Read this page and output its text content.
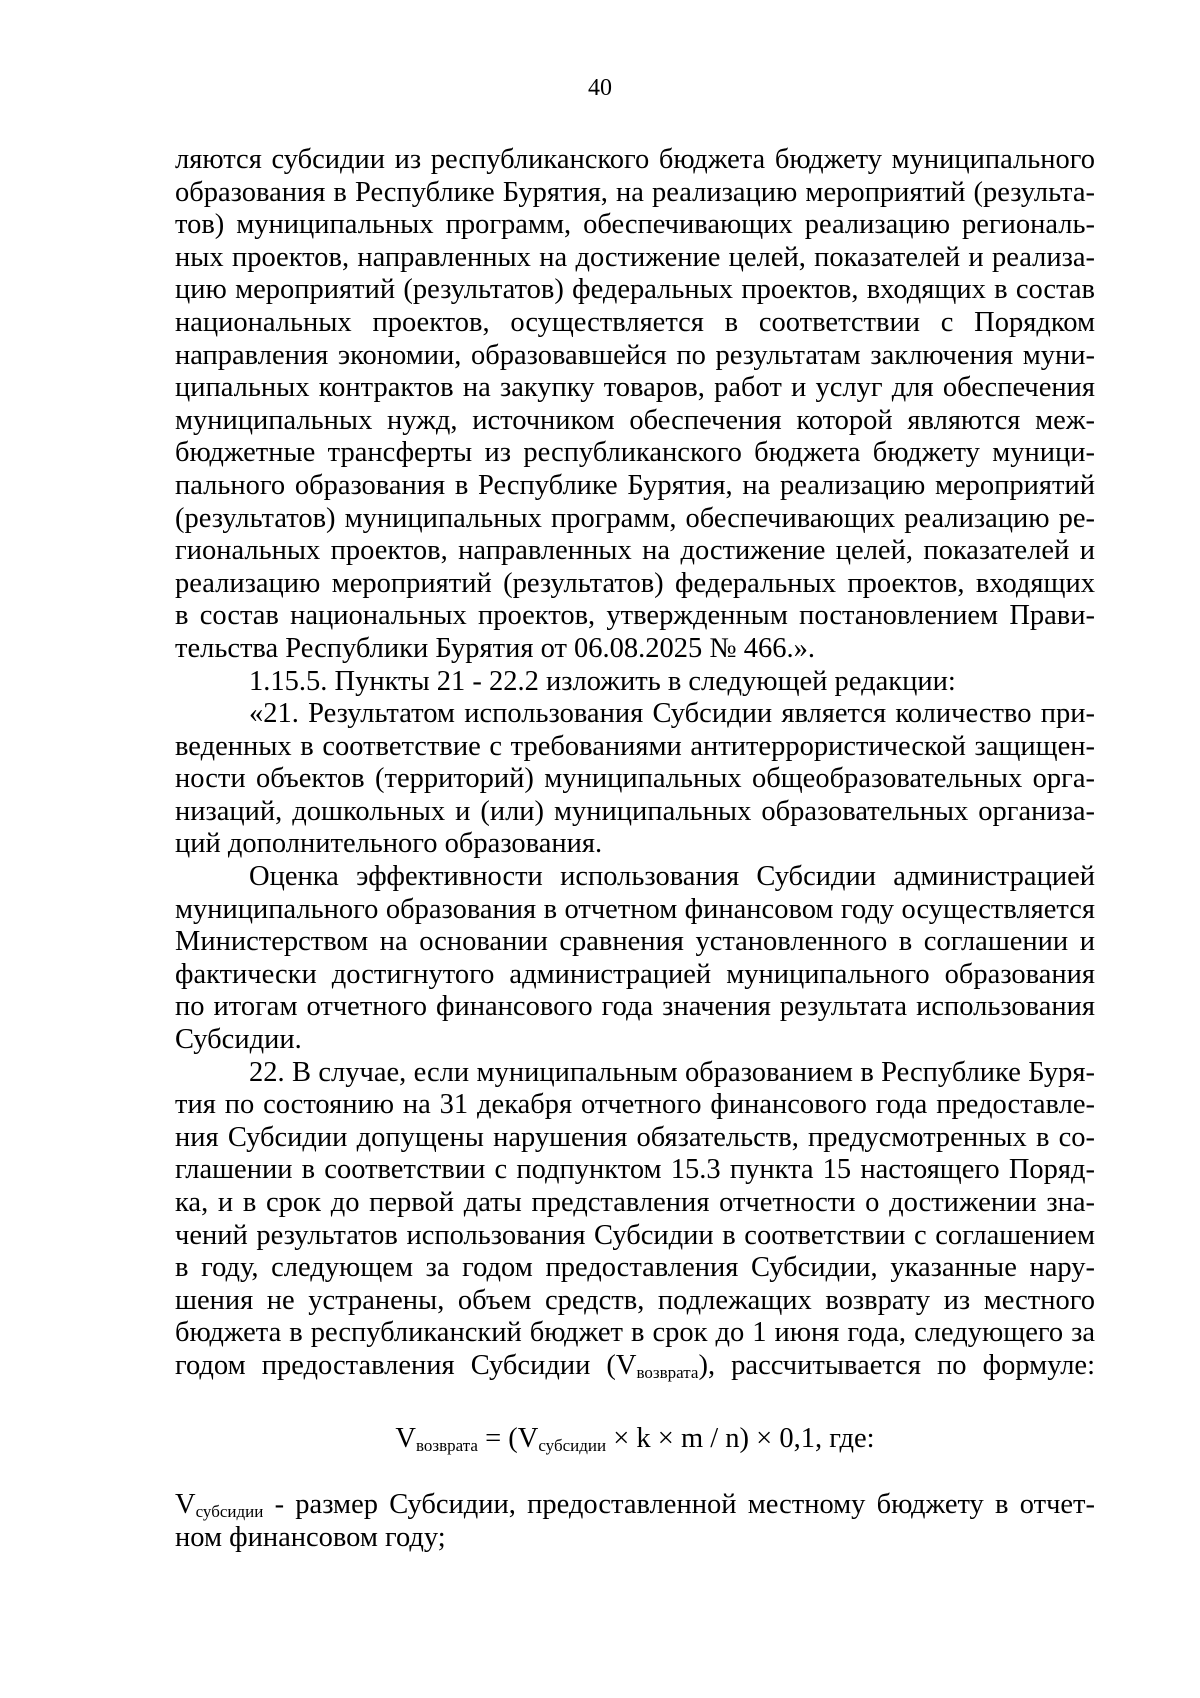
40
ляются субсидии из республиканского бюджета бюджету муниципального
образования в Республике Бурятия, на реализацию мероприятий (результа-
тов) муниципальных программ, обеспечивающих реализацию региональ-
ных проектов, направленных на достижение целей, показателей и реализа-
цию мероприятий (результатов) федеральных проектов, входящих в состав
национальных проектов, осуществляется в соответствии с Порядком
направления экономии, образовавшейся по результатам заключения муни-
ципальных контрактов на закупку товаров, работ и услуг для обеспечения
муниципальных нужд, источником обеспечения которой являются меж-
бюджетные трансферты из республиканского бюджета бюджету муници-
пального образования в Республике Бурятия, на реализацию мероприятий
(результатов) муниципальных программ, обеспечивающих реализацию ре-
гиональных проектов, направленных на достижение целей, показателей и
реализацию мероприятий (результатов) федеральных проектов, входящих
в состав национальных проектов, утвержденным постановлением Прави-
тельства Республики Бурятия от 06.08.2025 № 466.».
1.15.5. Пункты 21 - 22.2 изложить в следующей редакции:
«21. Результатом использования Субсидии является количество при-
веденных в соответствие с требованиями антитеррористической защищен-
ности объектов (территорий) муниципальных общеобразовательных орга-
низаций, дошкольных и (или) муниципальных образовательных организа-
ций дополнительного образования.
Оценка эффективности использования Субсидии администрацией
муниципального образования в отчетном финансовом году осуществляется
Министерством на основании сравнения установленного в соглашении и
фактически достигнутого администрацией муниципального образования
по итогам отчетного финансового года значения результата использования
Субсидии.
22. В случае, если муниципальным образованием в Республике Буря-
тия по состоянию на 31 декабря отчетного финансового года предоставле-
ния Субсидии допущены нарушения обязательств, предусмотренных в со-
глашении в соответствии с подпунктом 15.3 пункта 15 настоящего Поряд-
ка, и в срок до первой даты представления отчетности о достижении зна-
чений результатов использования Субсидии в соответствии с соглашением
в году, следующем за годом предоставления Субсидии, указанные нару-
шения не устранены, объем средств, подлежащих возврату из местного
бюджета в республиканский бюджет в срок до 1 июня года, следующего за
годом предоставления Субсидии $(V_{возврата})$, рассчитывается по формуле:
$V_{возврата} = (V_{субсидии} \times k \times m / n) \times 0,1$, где:
$V_{субсидии}$ - размер Субсидии, предоставленной местному бюджету в отчет-
ном финансовом году;
